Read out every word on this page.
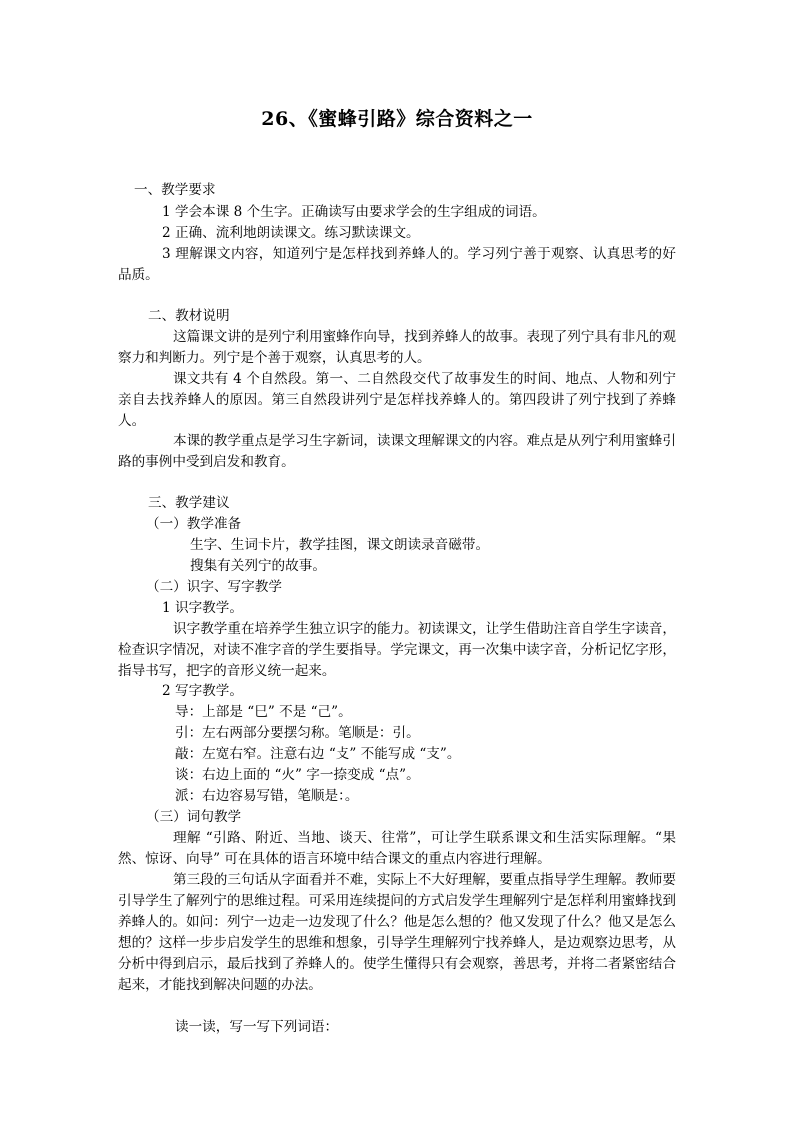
26、《蜜蜂引路》综合资料之一
一、教学要求
1 学会本课 8 个生字。正确读写由要求学会的生字组成的词语。
2 正确、流利地朗读课文。练习默读课文。
3 理解课文内容，知道列宁是怎样找到养蜂人的。学习列宁善于观察、认真思考的好品质。
二、教材说明
这篇课文讲的是列宁利用蜜蜂作向导，找到养蜂人的故事。表现了列宁具有非凡的观察力和判断力。列宁是个善于观察，认真思考的人。
课文共有 4 个自然段。第一、二自然段交代了故事发生的时间、地点、人物和列宁亲自去找养蜂人的原因。第三自然段讲列宁是怎样找养蜂人的。第四段讲了列宁找到了养蜂人。
本课的教学重点是学习生字新词，读课文理解课文的内容。难点是从列宁利用蜜蜂引路的事例中受到启发和教育。
三、教学建议
（一）教学准备
生字、生词卡片，教学挂图，课文朗读录音磁带。
搜集有关列宁的故事。
（二）识字、写字教学
1 识字教学。
识字教学重在培养学生独立识字的能力。初读课文，让学生借助注音自学生字读音，检查识字情况，对读不准字音的学生要指导。学完课文，再一次集中读字音，分析记忆字形，指导书写，把字的音形义统一起来。
2 写字教学。
导：上部是 “巳” 不是 “己”。
引：左右两部分要摆匀称。笔顺是：引。
敲：左宽右窄。注意右边 “攴” 不能写成 “支”。
谈：右边上面的 “火” 字一捺变成 “点”。
派：右边容易写错，笔顺是：。
（三）词句教学
理解 “引路、附近、当地、谈天、往常”，可让学生联系课文和生活实际理解。“果然、惊讶、向导” 可在具体的语言环境中结合课文的重点内容进行理解。
第三段的三句话从字面看并不难，实际上不大好理解，要重点指导学生理解。教师要引导学生了解列宁的思维过程。可采用连续提问的方式启发学生理解列宁是怎样利用蜜蜂找到养蜂人的。如问：列宁一边走一边发现了什么？他是怎么想的？他又发现了什么？他又是怎么想的？这样一步步启发学生的思维和想象，引导学生理解列宁找养蜂人，是边观察边思考，从分析中得到启示，最后找到了养蜂人的。使学生懂得只有会观察，善思考，并将二者紧密结合起来，才能找到解决问题的办法。
读一读，写一写下列词语：
